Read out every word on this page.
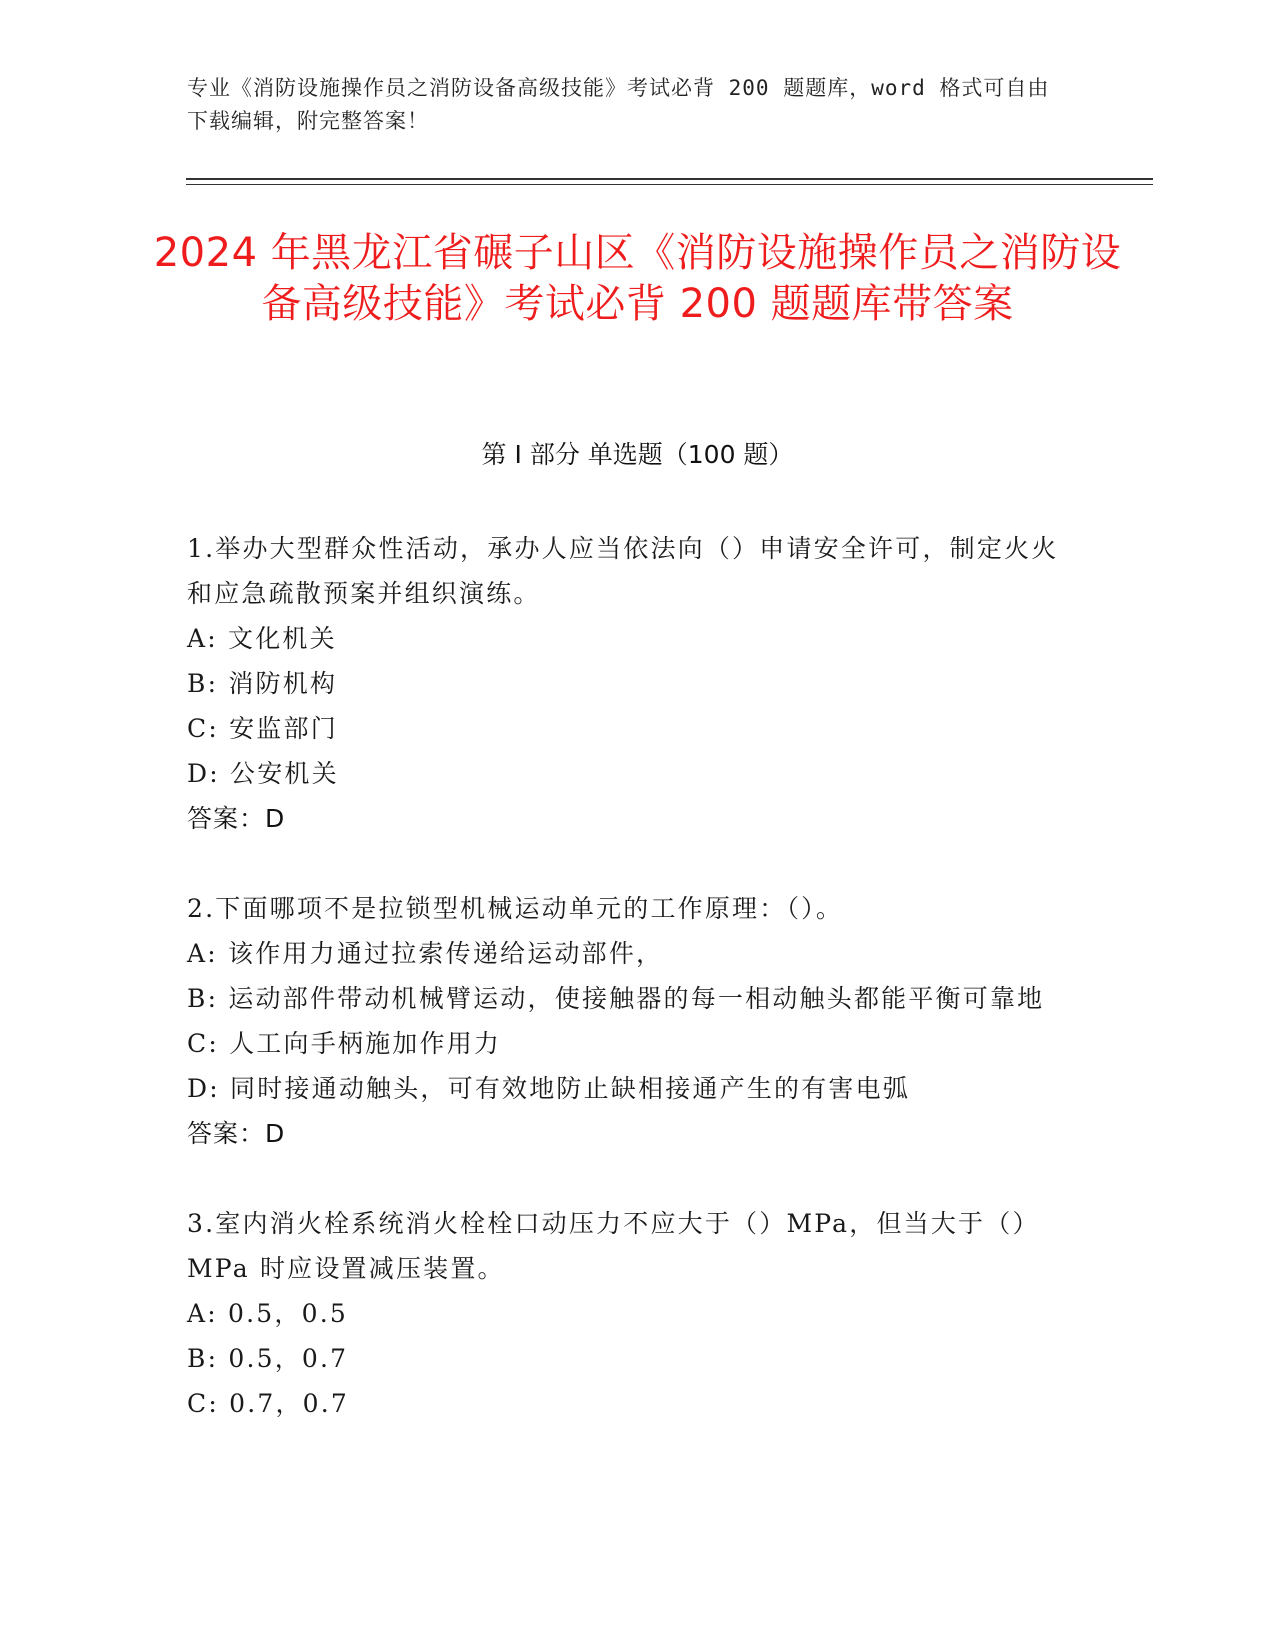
专业《消防设施操作员之消防设备高级技能》考试必背 200 题题库，word 格式可自由下载编辑，附完整答案！
2024 年黑龙江省碾子山区《消防设施操作员之消防设备高级技能》考试必背 200 题题库带答案
第 I 部分 单选题（100 题）
1.举办大型群众性活动，承办人应当依法向（）申请安全许可，制定火火和应急疏散预案并组织演练。
A: 文化机关
B: 消防机构
C: 安监部门
D: 公安机关
答案：D
2.下面哪项不是拉锁型机械运动单元的工作原理：（）。
A: 该作用力通过拉索传递给运动部件，
B: 运动部件带动机械臂运动，使接触器的每一相动触头都能平衡可靠地
C: 人工向手柄施加作用力
D: 同时接通动触头，可有效地防止缺相接通产生的有害电弧
答案：D
3.室内消火栓系统消火栓栓口动压力不应大于（）MPa，但当大于（）MPa 时应设置减压装置。
A: 0.5，0.5
B: 0.5，0.7
C: 0.7，0.7
